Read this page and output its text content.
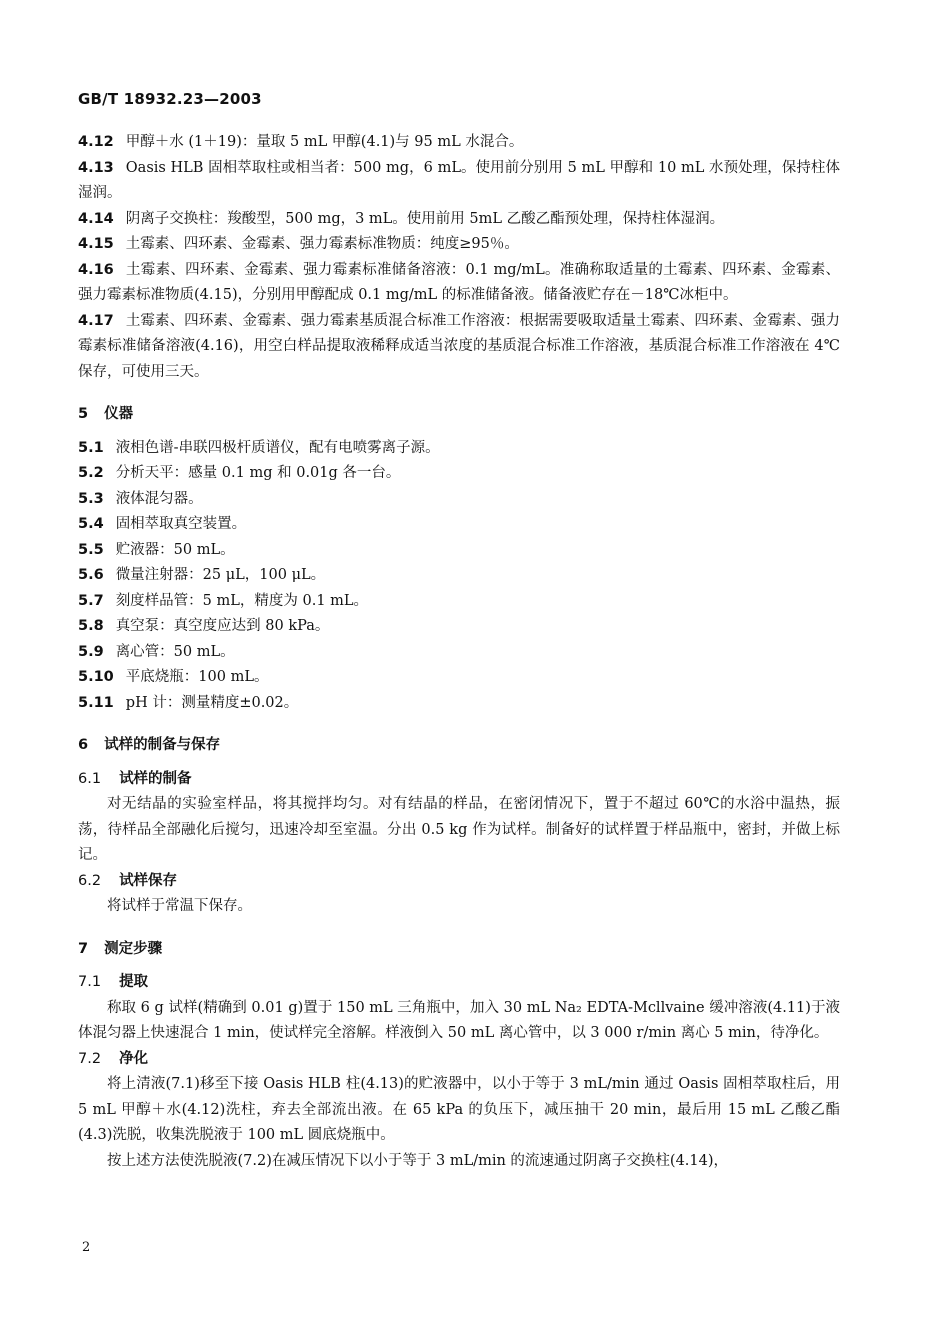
GB/T 18932.23—2003

4.12 甲醇＋水 (1＋19)：量取 5 mL 甲醇(4.1)与 95 mL 水混合。

4.13 Oasis HLB 固相萃取柱或相当者：500 mg，6 mL。使用前分别用 5 mL 甲醇和 10 mL 水预处理，保持柱体湿润。

4.14 阴离子交换柱：羧酸型，500 mg，3 mL。使用前用 5mL 乙酸乙酯预处理，保持柱体湿润。

4.15 土霉素、四环素、金霉素、强力霉素标准物质：纯度≥95％。

4.16 土霉素、四环素、金霉素、强力霉素标准储备溶液：0.1 mg/mL。准确称取适量的土霉素、四环素、金霉素、强力霉素标准物质(4.15)，分别用甲醇配成 0.1 mg/mL 的标准储备液。储备液贮存在－18℃冰柜中。

4.17 土霉素、四环素、金霉素、强力霉素基质混合标准工作溶液：根据需要吸取适量土霉素、四环素、金霉素、强力霉素标准储备溶液(4.16)，用空白样品提取液稀释成适当浓度的基质混合标准工作溶液，基质混合标准工作溶液在 4℃保存，可使用三天。

5 仪器

5.1 液相色谱-串联四极杆质谱仪，配有电喷雾离子源。

5.2 分析天平：感量 0.1 mg 和 0.01g 各一台。

5.3 液体混匀器。

5.4 固相萃取真空装置。

5.5 贮液器：50 mL。

5.6 微量注射器：25 μL，100 μL。

5.7 刻度样品管：5 mL，精度为 0.1 mL。

5.8 真空泵：真空度应达到 80 kPa。

5.9 离心管：50 mL。

5.10 平底烧瓶：100 mL。

5.11 pH 计：测量精度±0.02。

6 试样的制备与保存
6.1 试样的制备

对无结晶的实验室样品，将其搅拌均匀。对有结晶的样品，在密闭情况下，置于不超过 60℃的水浴中温热，振荡，待样品全部融化后搅匀，迅速冷却至室温。分出 0.5 kg 作为试样。制备好的试样置于样品瓶中，密封，并做上标记。

6.2 试样保存

将试样于常温下保存。

7 测定步骤
7.1 提取

称取 6 g 试样(精确到 0.01 g)置于 150 mL 三角瓶中，加入 30 mL Na₂ EDTA-Mcllvaine 缓冲溶液(4.11)于液体混匀器上快速混合 1 min，使试样完全溶解。样液倒入 50 mL 离心管中，以 3 000 r/min 离心 5 min，待净化。

7.2 净化

将上清液(7.1)移至下接 Oasis HLB 柱(4.13)的贮液器中，以小于等于 3 mL/min 通过 Oasis 固相萃取柱后，用 5 mL 甲醇＋水(4.12)洗柱，弃去全部流出液。在 65 kPa 的负压下，减压抽干 20 min，最后用 15 mL 乙酸乙酯(4.3)洗脱，收集洗脱液于 100 mL 圆底烧瓶中。

按上述方法使洗脱液(7.2)在减压情况下以小于等于 3 mL/min 的流速通过阴离子交换柱(4.14)，

2
